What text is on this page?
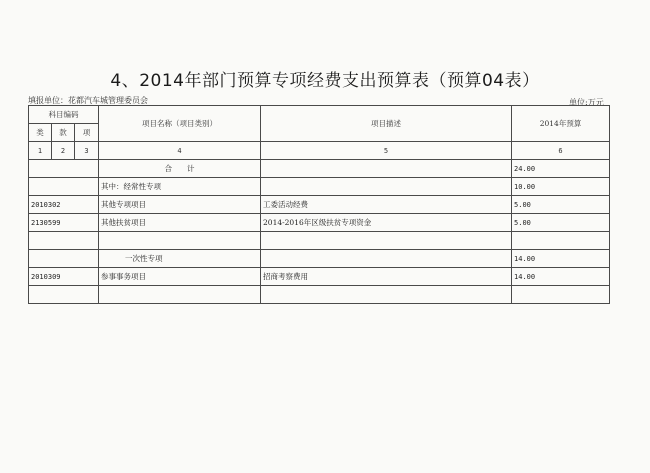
4、2014年部门预算专项经费支出预算表（预算04表）
填报单位：花都汽车城管理委员会	单位:万元
科目编码			项目名称（项目类别）	项目描述	2014年预算
类	款	项			
1	2	3	4	5	6
			合　　计		24.00
			其中：经常性专项		10.00
2010302			其他专项项目	工委活动经费	5.00
2130599			其他扶贫项目	2014-2016年区级扶贫专项资金	5.00

			一次性专项		14.00
2010309			参事事务项目	招商考察费用	14.00
